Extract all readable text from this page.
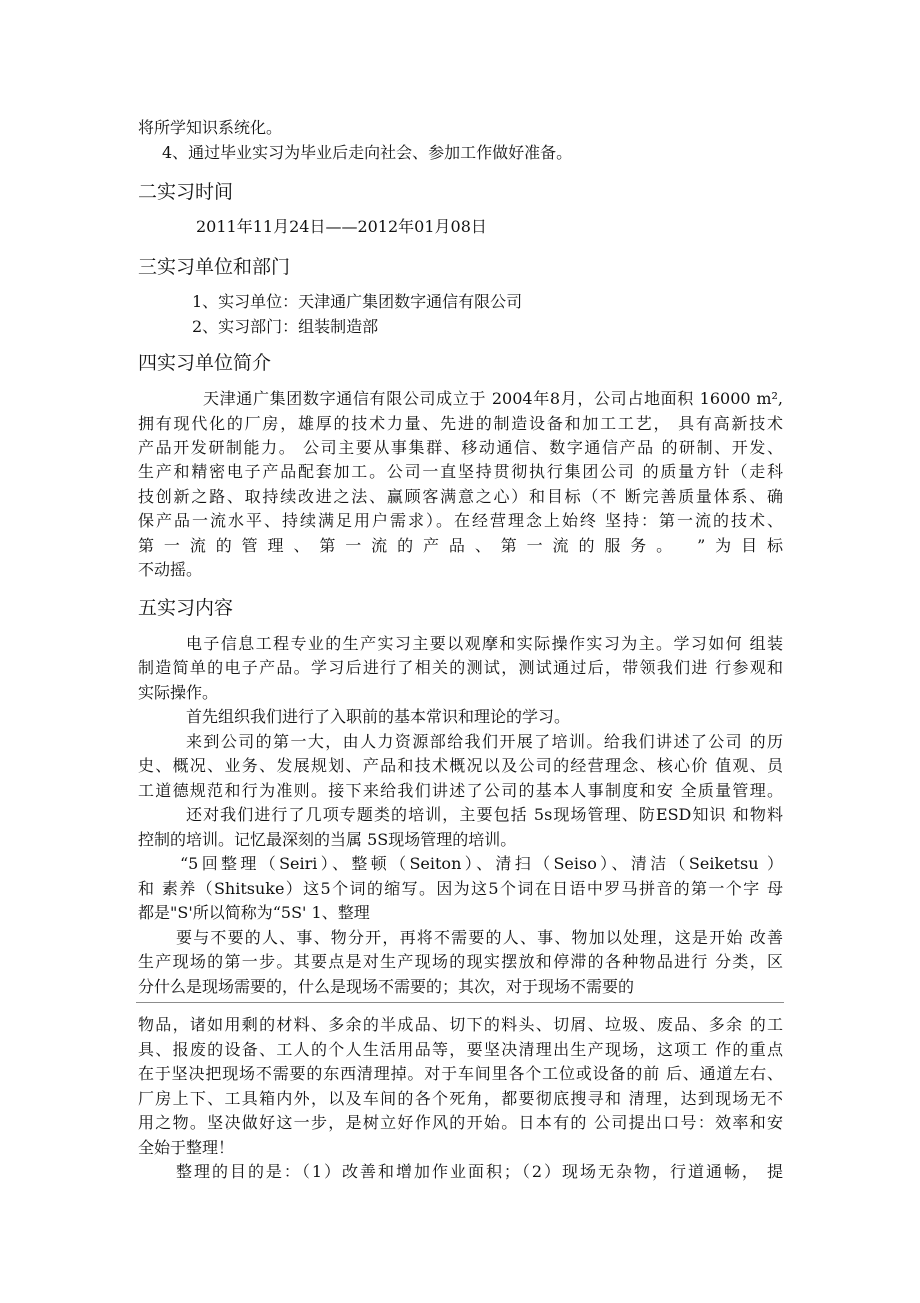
将所学知识系统化。
4、通过毕业实习为毕业后走向社会、参加工作做好准备。
二实习时间
2011年11月24日——2012年01月08日
三实习单位和部门
1、实习单位：天津通广集团数字通信有限公司
2、实习部门：组装制造部
四实习单位简介
天津通广集团数字通信有限公司成立于 2004年8月，公司占地面积 16000 m²,
拥有现代化的厂房，雄厚的技术力量、先进的制造设备和加工工艺， 具有高新技术
产品开发研制能力。 公司主要从事集群、移动通信、数字通信产品 的研制、开发、
生产和精密电子产品配套加工。公司一直坚持贯彻执行集团公司 的质量方针（走科
技创新之路、取持续改进之法、赢顾客满意之心）和目标（不 断完善质量体系、确
保产品一流水平、持续满足用户需求）。在经营理念上始终 坚持：第一流的技术、
第一流的管理、第一流的产品、第一流的服务。 ”为目标
不动摇。
五实习内容
电子信息工程专业的生产实习主要以观摩和实际操作实习为主。学习如何 组装
制造简单的电子产品。学习后进行了相关的测试，测试通过后，带领我们进 行参观和
实际操作。
首先组织我们进行了入职前的基本常识和理论的学习。
来到公司的第一大，由人力资源部给我们开展了培训。给我们讲述了公司 的历
史、概况、业务、发展规划、产品和技术概况以及公司的经营理念、核心价 值观、员
工道德规范和行为准则。接下来给我们讲述了公司的基本人事制度和安 全质量管理。
还对我们进行了几项专题类的培训，主要包括 5s现场管理、防ESD知识 和物料
控制的培训。记忆最深刻的当属 5S现场管理的培训。
“5回整理（Seiri）、整顿（Seiton）、清扫（Seiso）、清洁（Seiketsu ）
和 素养（Shitsuke）这5个词的缩写。因为这5个词在日语中罗马拼音的第一个字 母
都是"S'所以简称为“5S' 1、整理
要与不要的人、事、物分开，再将不需要的人、事、物加以处理，这是开始 改善
生产现场的第一步。其要点是对生产现场的现实摆放和停滞的各种物品进行 分类，区
分什么是现场需要的，什么是现场不需要的；其次，对于现场不需要的
物品，诸如用剩的材料、多余的半成品、切下的料头、切屑、垃圾、废品、多余 的工
具、报废的设备、工人的个人生活用品等，要坚决清理出生产现场，这项工 作的重点
在于坚决把现场不需要的东西清理掉。对于车间里各个工位或设备的前 后、通道左右、
厂房上下、工具箱内外，以及车间的各个死角，都要彻底搜寻和 清理，达到现场无不
用之物。坚决做好这一步，是树立好作风的开始。日本有的 公司提出口号：效率和安
全始于整理！
整理的目的是：（1）改善和增加作业面积；（2）现场无杂物，行道通畅， 提
